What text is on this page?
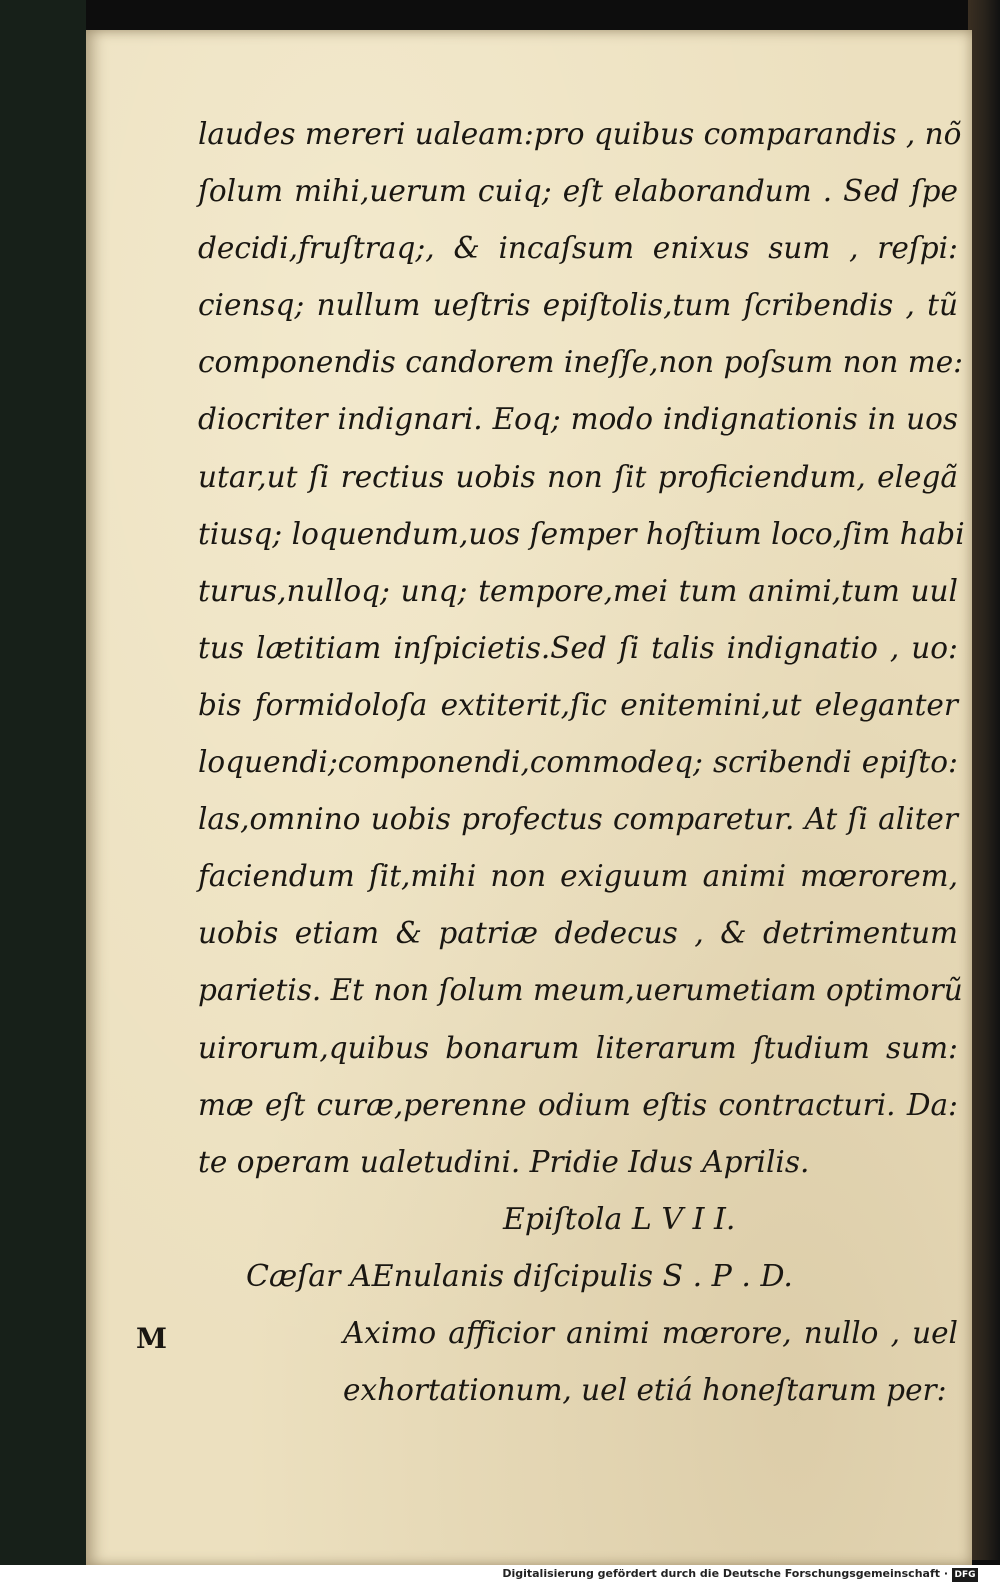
laudes mereri ualeam:pro quibus comparandis , nõ
ſolum mihi,uerum cuiq; eſt elaborandum . Sed ſpe
decidi,fruſtraq;, & incaſsum enixus sum , reſpi:
ciensq; nullum ueſtris epiſtolis,tum ſcribendis , tũ
componendis candorem ineſſe,non poſsum non me:
diocriter indignari. Eoq; modo indignationis in uos
utar,ut ſi rectius uobis non ſit proficiendum, elegã
tiusq; loquendum,uos ſemper hoſtium loco,ſim habi
turus,nulloq; unq; tempore,mei tum animi,tum uul
tus lætitiam inſpicietis.Sed ſi talis indignatio , uo:
bis formidoloſa extiterit,ſic enitemini,ut eleganter
loquendi;componendi,commodeq; scribendi epiſto:
las,omnino uobis profectus comparetur. At ſi aliter
faciendum ſit,mihi non exiguum animi mœrorem,
uobis etiam & patriæ dedecus , & detrimentum
parietis. Et non ſolum meum,uerumetiam optimorũ
uirorum,quibus bonarum literarum ſtudium sum:
mæ eſt curæ,perenne odium eſtis contracturi. Da:
te operam ualetudini. Pridie Idus Aprilis.
Epiſtola L V I I.
Cæſar AEnulanis diſcipulis S . P . D.
Aximo afficior animi mœrore, nullo , uel
exhortationum, uel etiá honeſtarum per:
M
Digitalisierung gefördert durch die Deutsche Forschungsgemeinschaft · DFG
